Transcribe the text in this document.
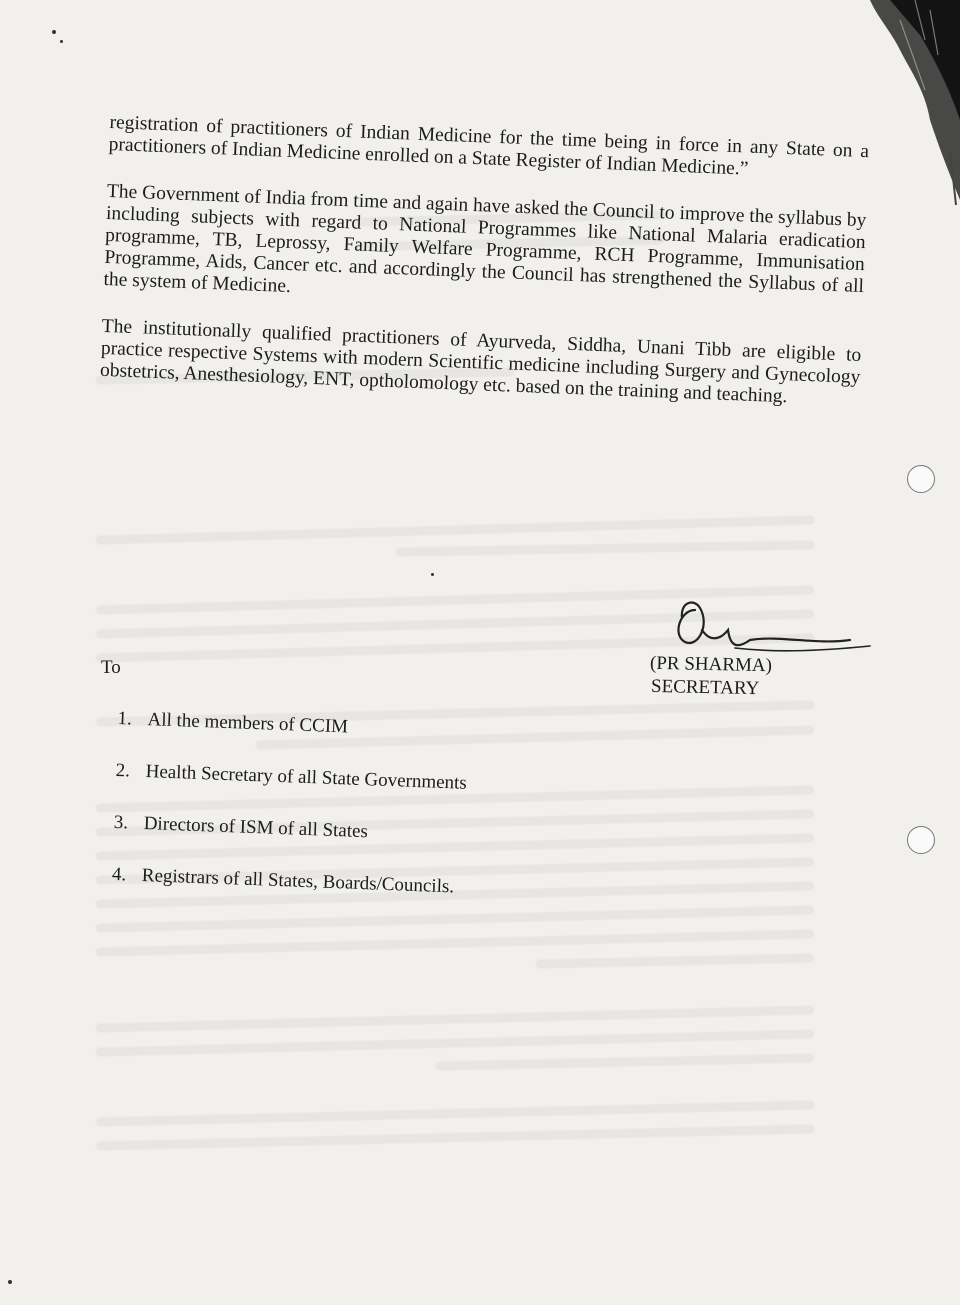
registration of practitioners of Indian Medicine for the time being in force in any State on a practitioners of Indian Medicine enrolled on a State Register of Indian Medicine.”

The Government of India from time and again have asked the Council to improve the syllabus by including subjects with regard to National Programmes like National Malaria eradication programme, TB, Leprossy, Family Welfare Programme, RCH Programme, Immunisation Programme, Aids, Cancer etc. and accordingly the Council has strengthened the Syllabus of all the system of Medicine.

The institutionally qualified practitioners of Ayurveda, Siddha, Unani Tibb are eligible to practice respective Systems with modern Scientific medicine including Surgery and Gynecology obstetrics, Anesthesiology, ENT, optholomology etc. based on the training and teaching.

To	(PR SHARMA)
SECRETARY
1. All the members of CCIM
2. Health Secretary of all State Governments
3. Directors of ISM of all States
4. Registrars of all States, Boards/Councils.
